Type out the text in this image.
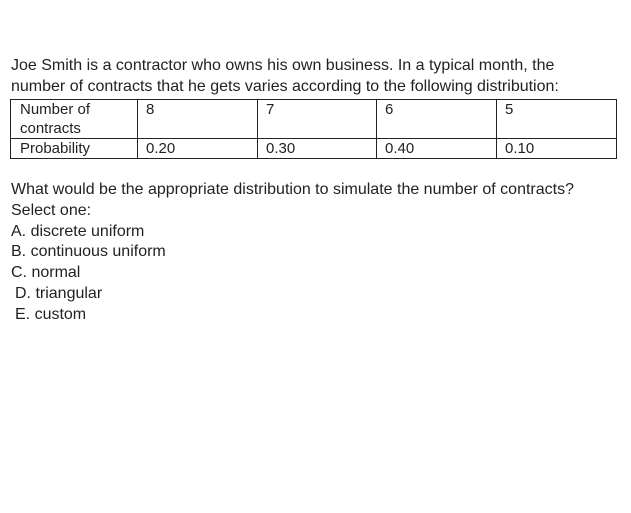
Joe Smith is a contractor who owns his own business. In a typical month, the
number of contracts that he gets varies according to the following distribution:
Number of
contracts	8	7	6	5
Probability	0.20	0.30	0.40	0.10

What would be the appropriate distribution to simulate the number of contracts?

Select one:

A. discrete uniform

B. continuous uniform

C. normal

D. triangular

E. custom
